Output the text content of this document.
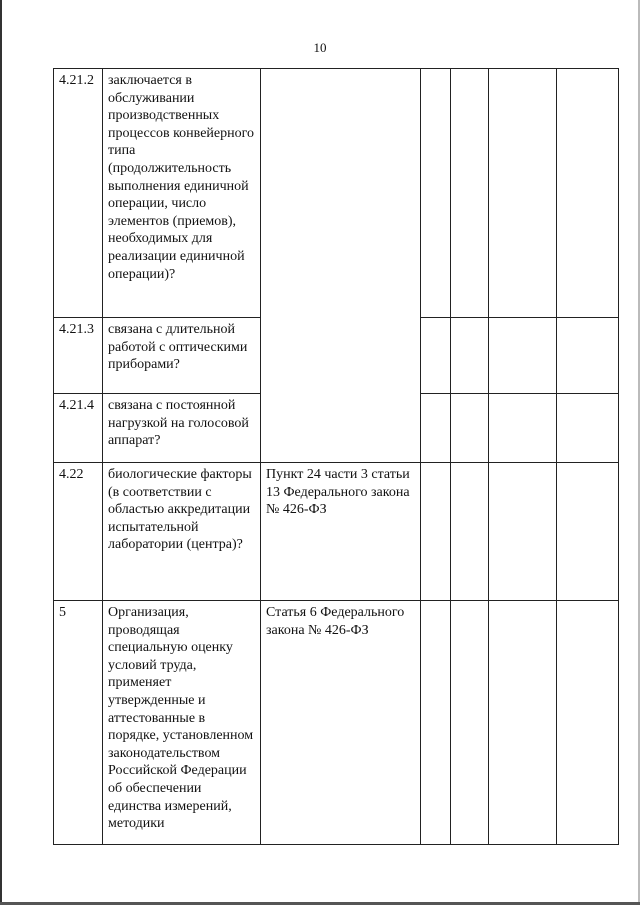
10
4.21.2	заключается в обслуживании производственных процессов конвейерного типа (продолжительность выполнения единичной операции, число элементов (приемов), необходимых для реализации единичной операции)?					
4.21.3	связана с длительной работой с оптическими приборами?					
4.21.4	связана с постоянной нагрузкой на голосовой аппарат?					
4.22	биологические факторы (в соответствии с областью аккредитации испытательной лаборатории (центра)?	Пункт 24 части 3 статьи 13 Федерального закона № 426-ФЗ				
5	Организация, проводящая специальную оценку условий труда, применяет утвержденные и аттестованные в порядке, установленном законодательством Российской Федерации об обеспечении единства измерений, методики	Статья 6 Федерального закона № 426-ФЗ				
